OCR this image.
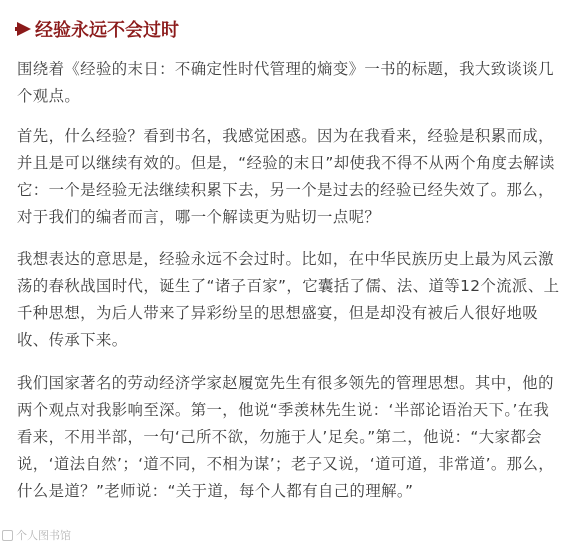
经验永远不会过时

围绕着《经验的末日：不确定性时代管理的熵变》一书的标题，我大致谈谈几个观点。

首先，什么经验？看到书名，我感觉困惑。因为在我看来，经验是积累而成，并且是可以继续有效的。但是，“经验的末日”却使我不得不从两个角度去解读它：一个是经验无法继续积累下去，另一个是过去的经验已经失效了。那么，对于我们的编者而言，哪一个解读更为贴切一点呢？

我想表达的意思是，经验永远不会过时。比如，在中华民族历史上最为风云激荡的春秋战国时代，诞生了“诸子百家”，它囊括了儒、法、道等12个流派、上千种思想，为后人带来了异彩纷呈的思想盛宴，但是却没有被后人很好地吸收、传承下来。

我们国家著名的劳动经济学家赵履宽先生有很多领先的管理思想。其中，他的两个观点对我影响至深。第一，他说“季羡林先生说：‘半部论语治天下。’在我看来，不用半部，一句‘己所不欲，勿施于人’足矣。”第二，他说：“大家都会说，‘道法自然’；‘道不同，不相为谋’；老子又说，‘道可道，非常道’。那么，什么是道？”老师说：“关于道，每个人都有自己的理解。”

个人图书馆
